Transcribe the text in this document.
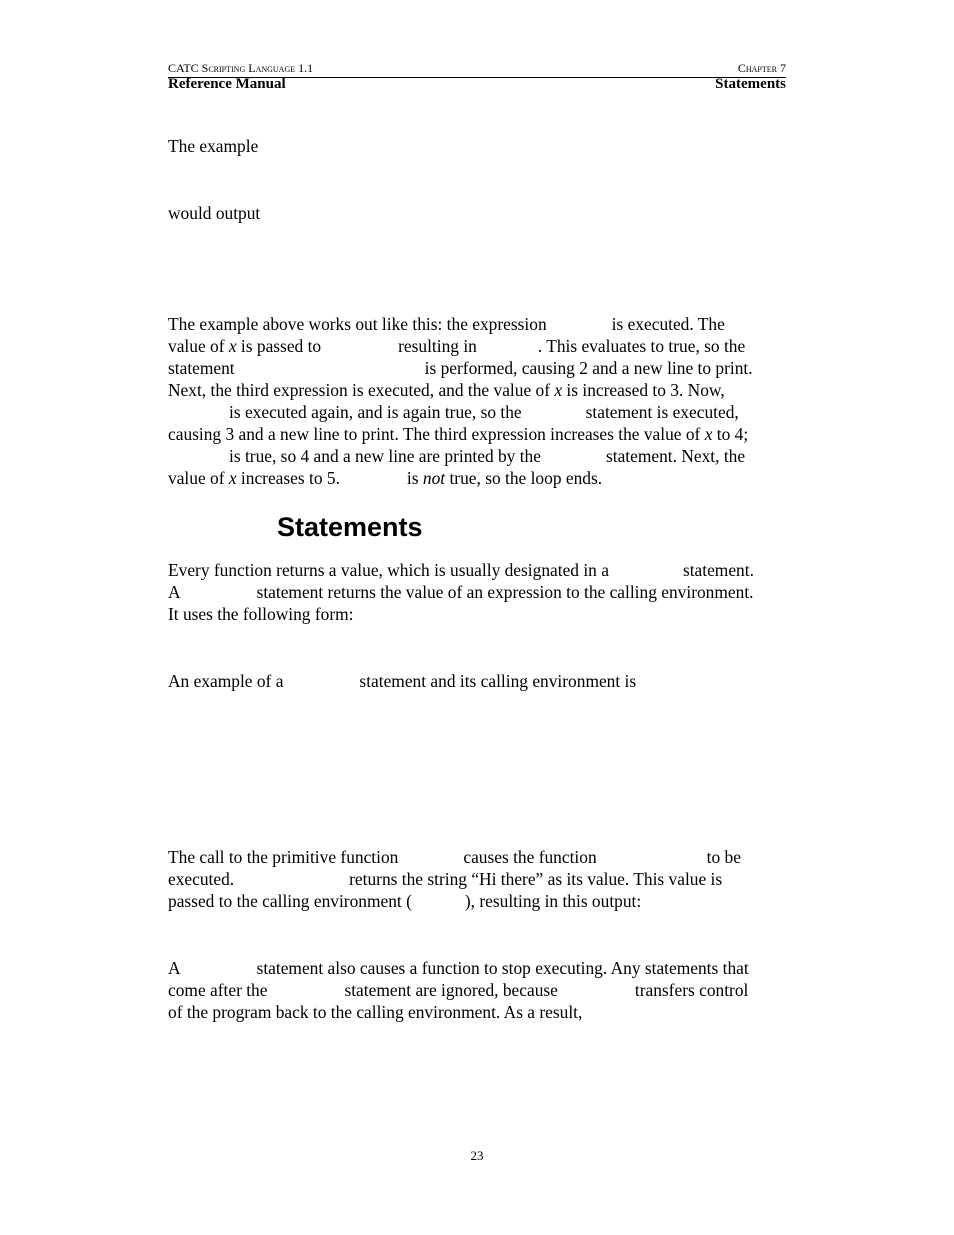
CATC Scripting Language 1.1	Chapter 7
Reference Manual	Statements
The example
would output
The example above works out like this: the expression	is executed. The
value of x is passed to	resulting in	. This evaluates to true, so the
statement	is performed, causing 2 and a new line to print.
Next, the third expression is executed, and the value of x is increased to 3. Now,
is executed again, and is again true, so the	statement is executed,
causing 3 and a new line to print. The third expression increases the value of x to 4;
is true, so 4 and a new line are printed by the	statement. Next, the
value of x increases to 5.	is not true, so the loop ends.
Statements
Every function returns a value, which is usually designated in a	statement.
A	statement returns the value of an expression to the calling environment.
It uses the following form:
An example of a	statement and its calling environment is
The call to the primitive function	causes the function	to be
executed.	returns the string “Hi there” as its value. This value is
passed to the calling environment (	), resulting in this output:
A	statement also causes a function to stop executing. Any statements that
come after the	statement are ignored, because	transfers control
of the program back to the calling environment. As a result,
23
